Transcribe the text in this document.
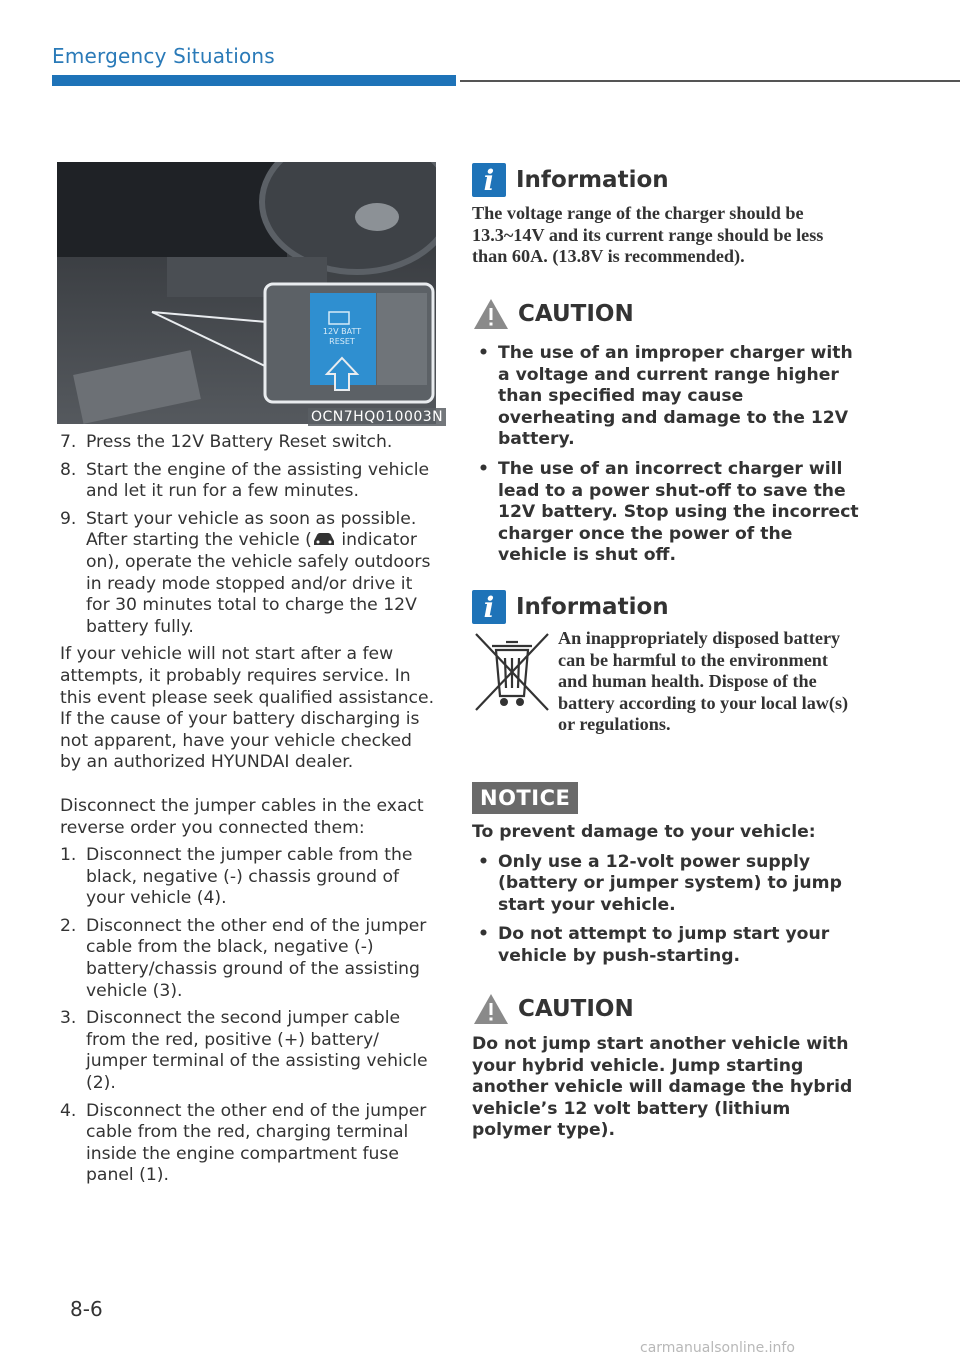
Emergency Situations
12V BATT
RESET
OCN7HQ010003N
7. Press the 12V Battery Reset switch.
8. Start the engine of the assisting vehicle and let it run for a few minutes.
9. Start your vehicle as soon as possible. After starting the vehicle ( indicator on), operate the vehicle safely outdoors in ready mode stopped and/or drive it for 30 minutes total to charge the 12V battery fully.

If your vehicle will not start after a few attempts, it probably requires service. In this event please seek qualified assistance. If the cause of your battery discharging is not apparent, have your vehicle checked by an authorized HYUNDAI dealer.

Disconnect the jumper cables in the exact reverse order you connected them:

1. Disconnect the jumper cable from the black, negative (-) chassis ground of your vehicle (4).
2. Disconnect the other end of the jumper cable from the black, negative (-) battery/chassis ground of the assisting vehicle (3).
3. Disconnect the second jumper cable from the red, positive (+) battery/ jumper terminal of the assisting vehicle (2).
4. Disconnect the other end of the jumper cable from the red, charging terminal inside the engine compartment fuse panel (1).
i Information
The voltage range of the charger should be 13.3~14V and its current range should be less than 60A. (13.8V is recommended).
CAUTION
• The use of an improper charger with a voltage and current range higher than specified may cause overheating and damage to the 12V battery.
• The use of an incorrect charger will lead to a power shut-off to save the 12V battery. Stop using the incorrect charger once the power of the vehicle is shut off.
i Information
An inappropriately disposed battery can be harmful to the environment and human health. Dispose of the battery according to your local law(s) or regulations.
NOTICE
To prevent damage to your vehicle:
• Only use a 12-volt power supply (battery or jumper system) to jump start your vehicle.
• Do not attempt to jump start your vehicle by push-starting.
CAUTION
Do not jump start another vehicle with your hybrid vehicle. Jump starting another vehicle will damage the hybrid vehicle’s 12 volt battery (lithium polymer type).
8-6
carmanualsonline.info
